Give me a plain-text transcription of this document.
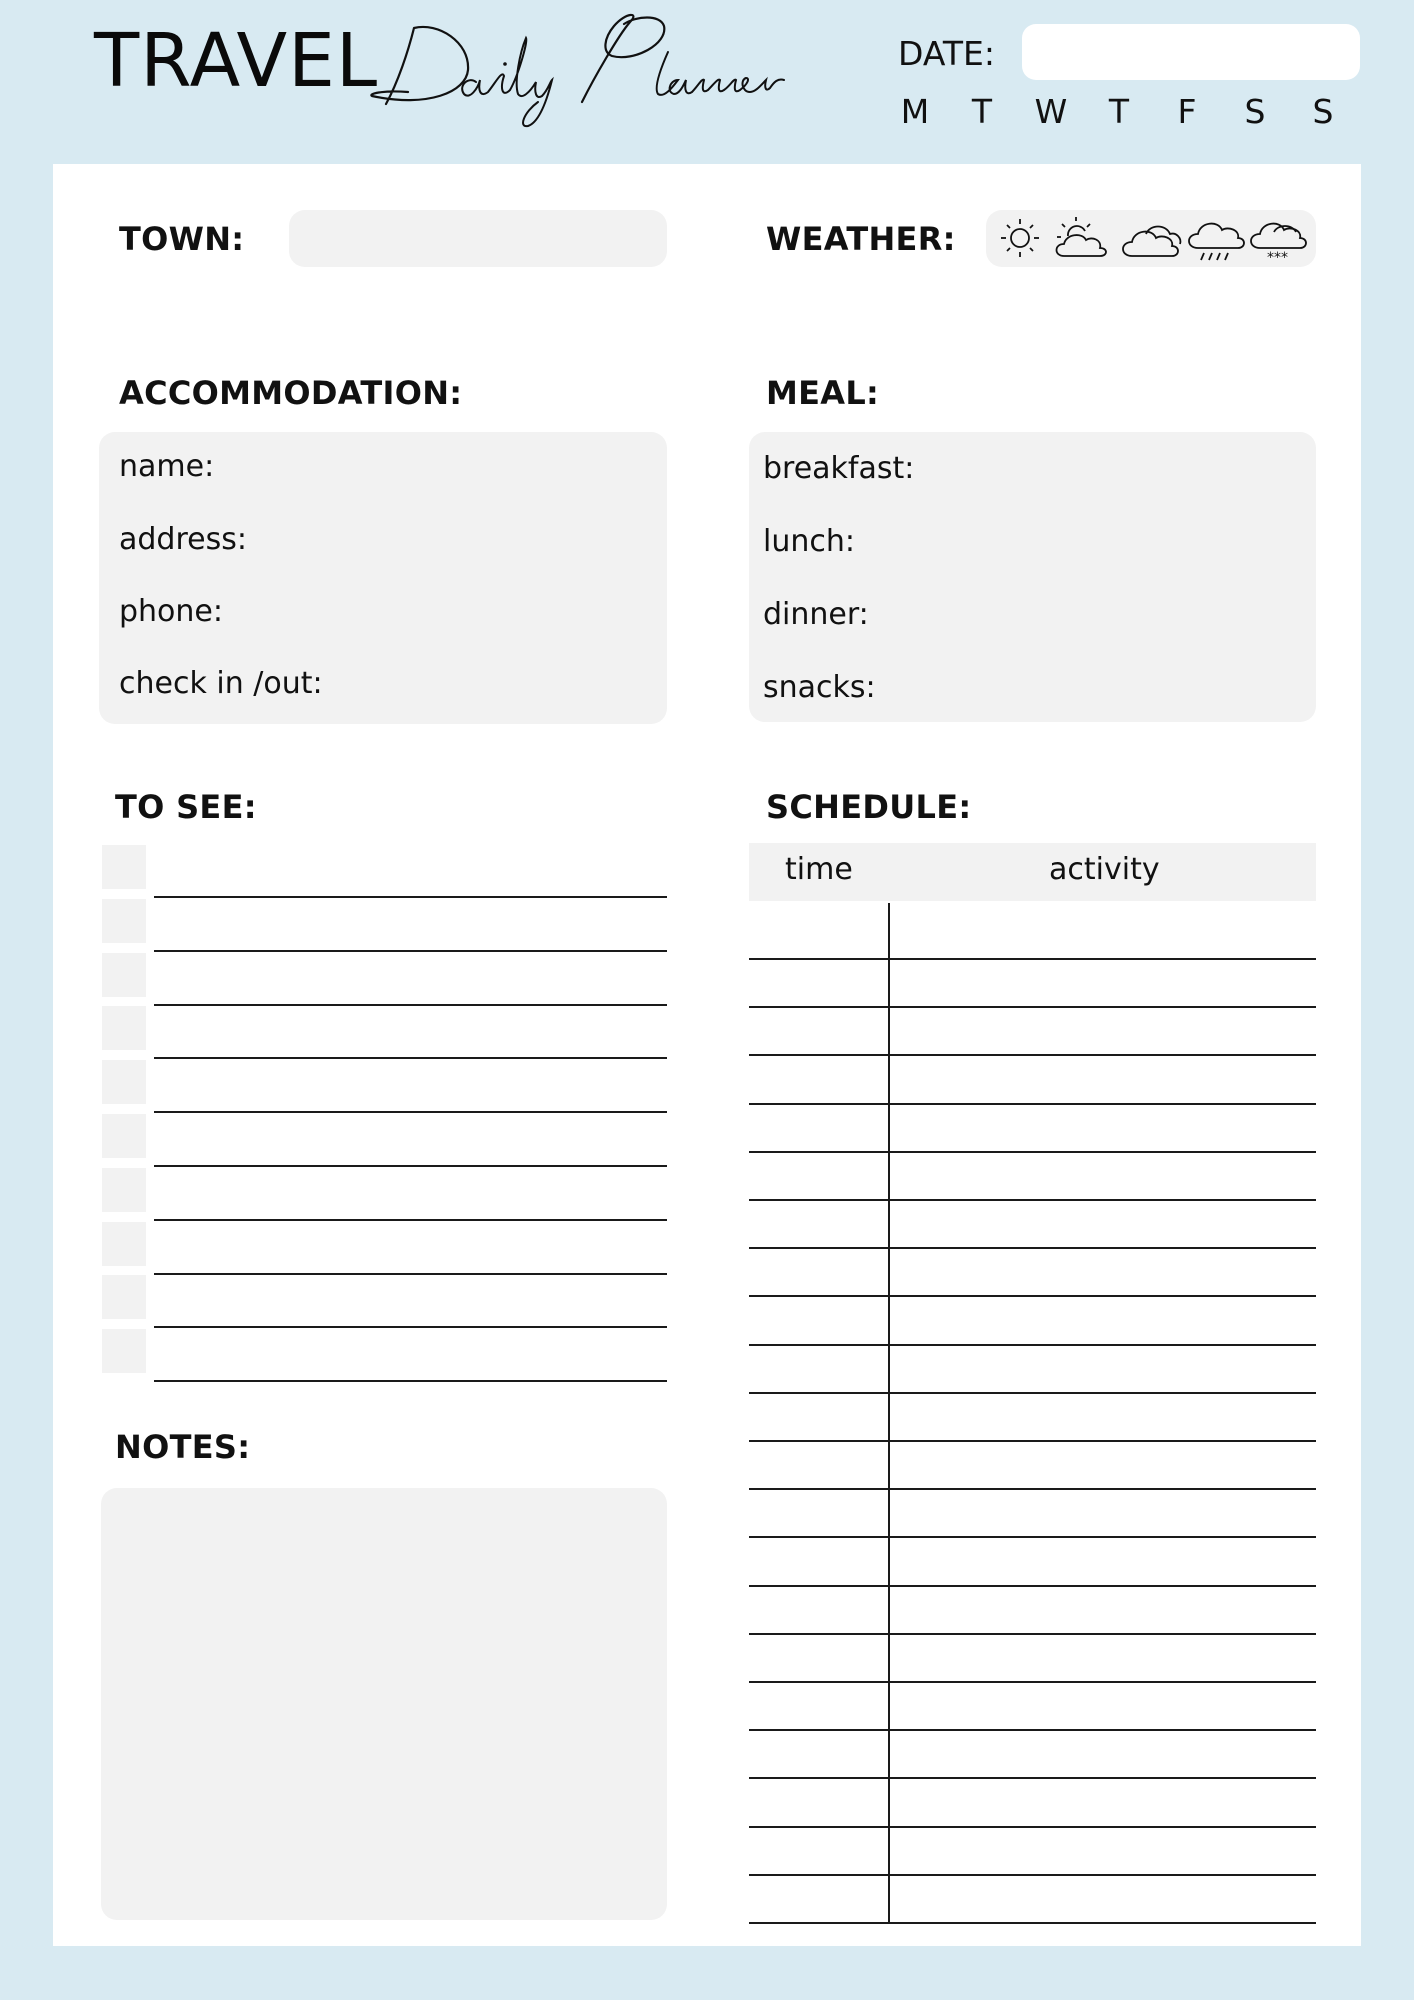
TRAVEL	DATE:
M	T	W	T	F	S S
TOWN:	WEATHER:	***
ACCOMMODATION:
name:
address:
phone:
check in /out:
MEAL:
breakfast:
lunch:
dinner:
snacks:
TO SEE:	SCHEDULE:
time	activity
NOTES:
